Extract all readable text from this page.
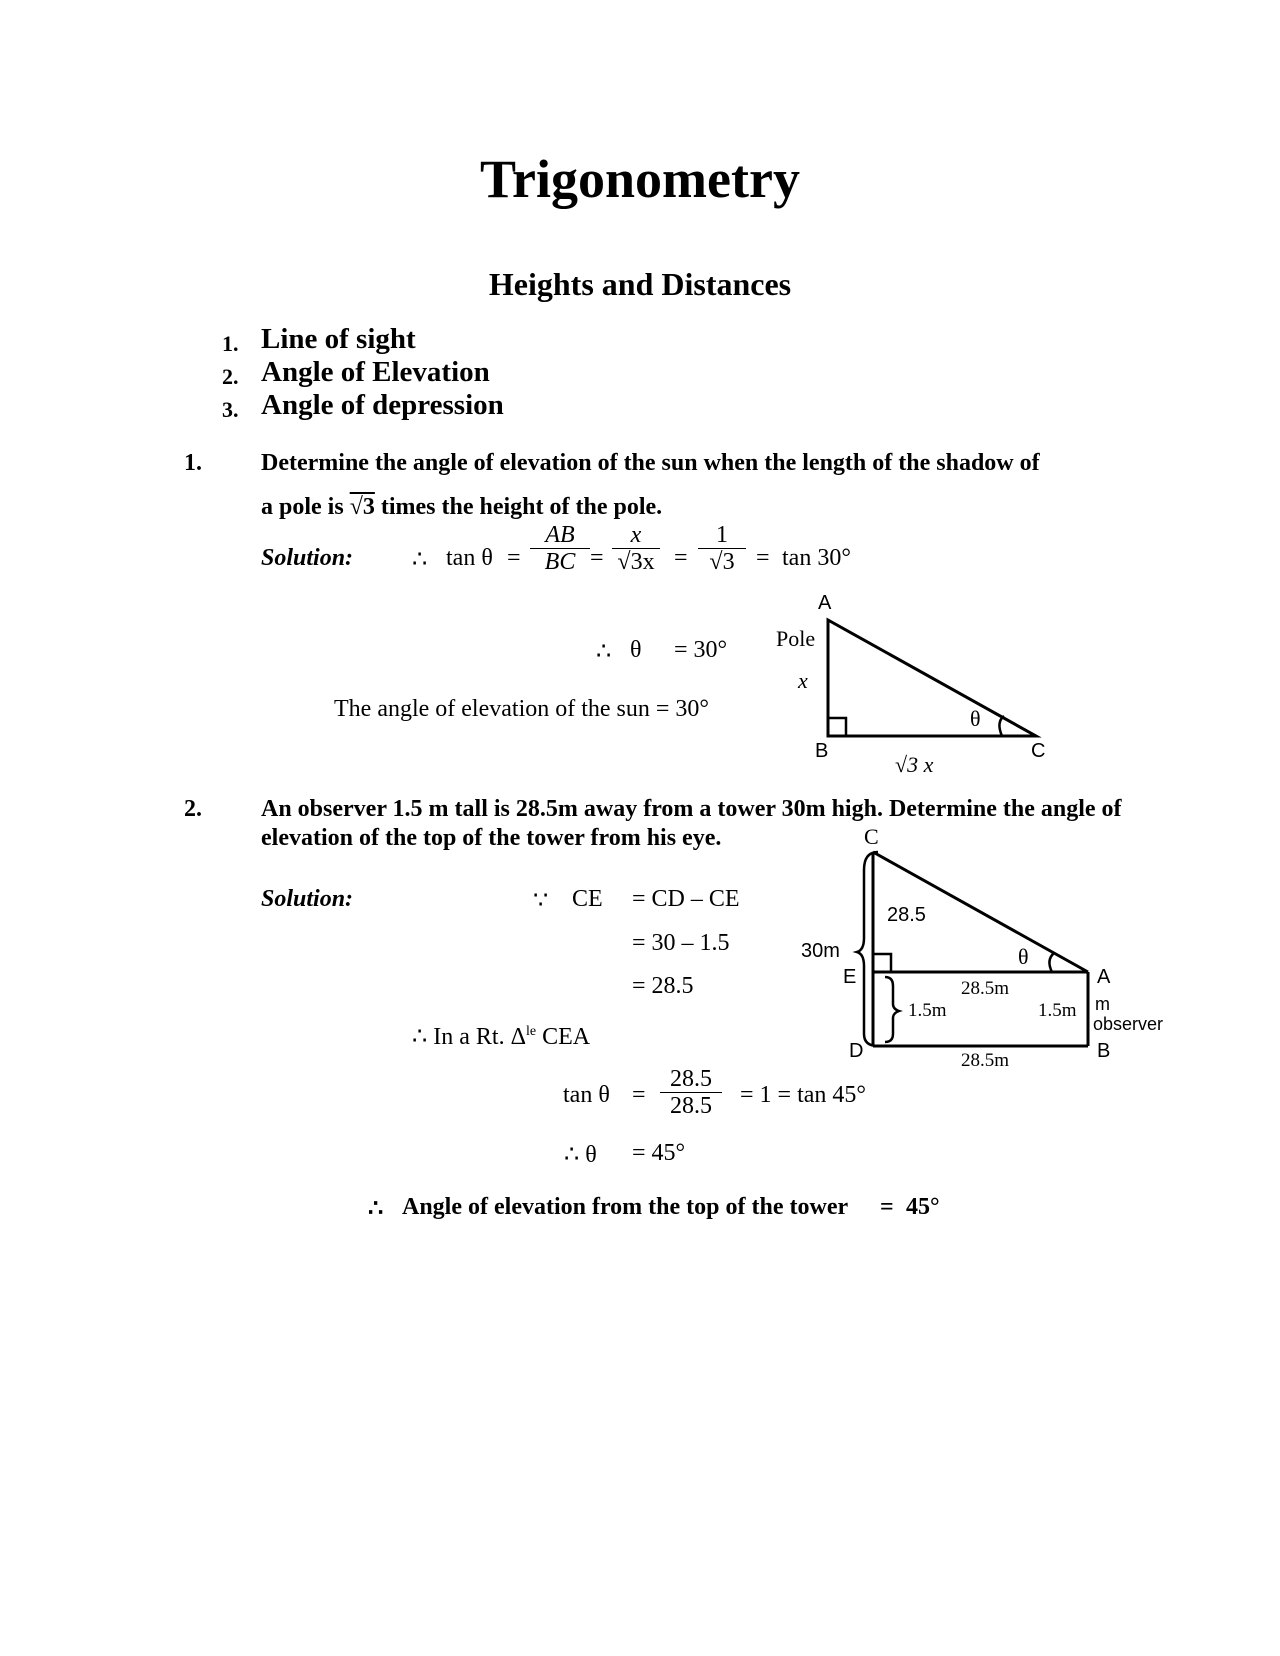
Trigonometry
Heights and Distances
1. Line of sight
2. Angle of Elevation
3. Angle of depression
1. Determine the angle of elevation of the sun when the length of the shadow of
a pole is √3 times the height of the pole.
Solution: ∴ tan θ =
AB
BC =
x
√3x =
1
√3 = tan 30°
∴ θ = 30°
The angle of elevation of the sun = 30°
A
Pole
x
B	C
θ
√3 x
2. An observer 1.5 m tall is 28.5m away from a tower 30m high. Determine the angle of
elevation of the top of the tower from his eye.
Solution:	∵ CE = CD – CE
= 30 – 1.5
= 28.5
∴ In a Rt. $\Delta^{le}$ CEA
tan θ =
28.5
28.5	= 1 = tan 45°
∴ θ = 45°
∴ Angle of elevation from the top of the tower = 45°
C
28.5
30m	θ
E	A
28.5m
1.5m	1.5m m
observer
D	B
28.5m
